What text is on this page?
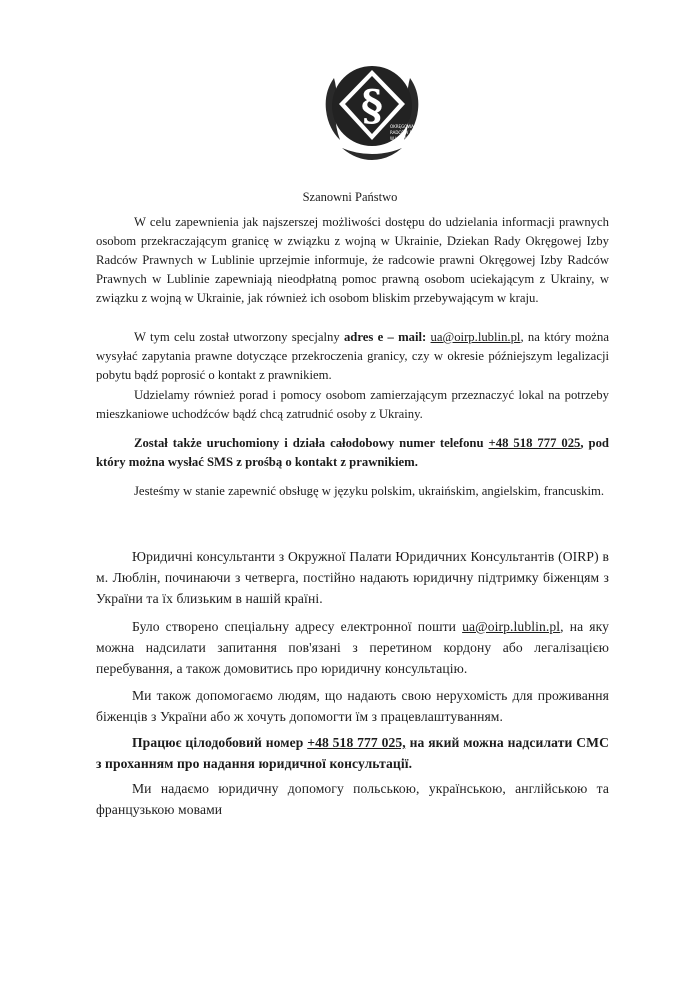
§ OKRĘGOWA IZBA
RADCÓW PRAWNYCH
W LUBLINIE
Szanowni Państwo
W celu zapewnienia jak najszerszej możliwości dostępu do udzielania informacji prawnych osobom przekraczającym granicę w związku z wojną w Ukrainie, Dziekan Rady Okręgowej Izby Radców Prawnych w Lublinie uprzejmie informuje, że radcowie prawni Okręgowej Izby Radców Prawnych w Lublinie zapewniają nieodpłatną pomoc prawną osobom uciekającym z Ukrainy, w związku z wojną w Ukrainie, jak również ich osobom bliskim przebywającym w kraju.
W tym celu został utworzony specjalny adres e – mail: ua@oirp.lublin.pl, na który można wysyłać zapytania prawne dotyczące przekroczenia granicy, czy w okresie późniejszym legalizacji pobytu bądź poprosić o kontakt z prawnikiem.
Udzielamy również porad i pomocy osobom zamierzającym przeznaczyć lokal na potrzeby mieszkaniowe uchodźców bądź chcą zatrudnić osoby z Ukrainy.
Został także uruchomiony i działa całodobowy numer telefonu +48 518 777 025, pod który można wysłać SMS z prośbą o kontakt z prawnikiem.
Jesteśmy w stanie zapewnić obsługę w języku polskim, ukraińskim, angielskim, francuskim.
Юридичні консультанти з Окружної Палати Юридичних Консультантів (OIRP) в м. Люблін, починаючи з четверга, постійно надають юридичну підтримку біженцям з України та їх близьким в нашій країні.
Було створено спеціальну адресу електронної пошти ua@oirp.lublin.pl, на яку можна надсилати запитання пов'язані з перетином кордону або легалізацією перебування, а також домовитись про юридичну консультацію.
Ми також допомогаємо людям, що надають свою нерухомість для проживання біженців з України або ж хочуть допомогти їм з працевлаштуванням.
Працює цілодобовий номер +48 518 777 025, на який можна надсилати СМС з проханням про надання юридичної консультації.
Ми надаємо юридичну допомогу польською, українською, англійською та французькою мовами
